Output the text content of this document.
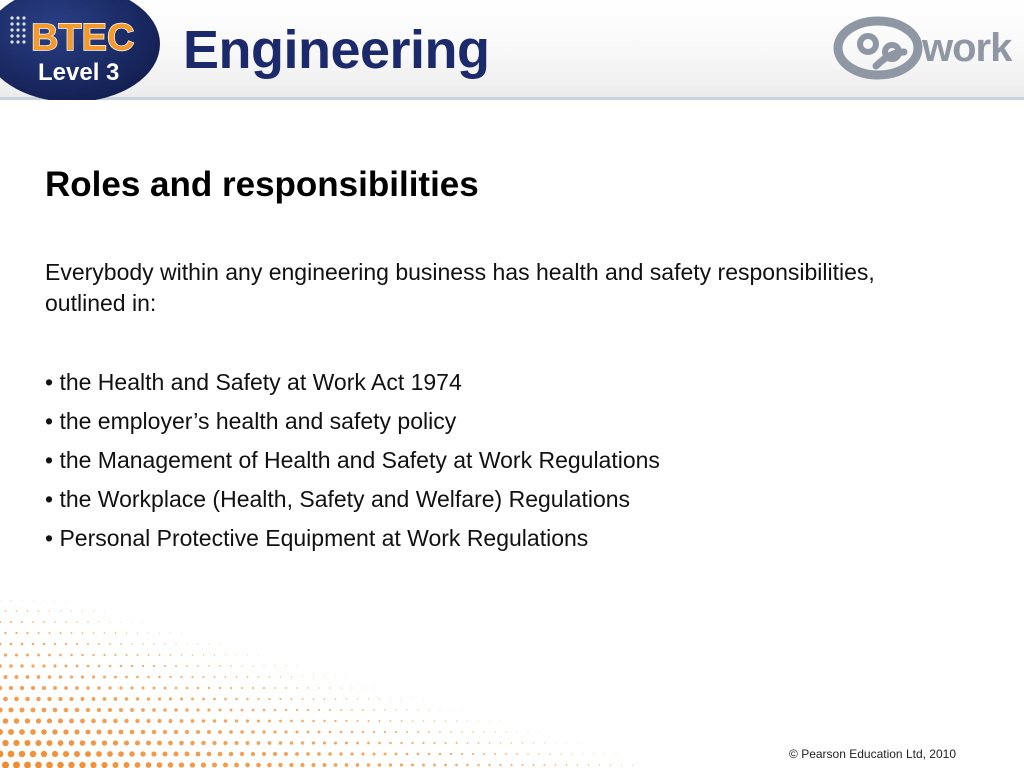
BTEC
Level 3 Engineering	work
Roles and responsibilities

Everybody within any engineering business has health and safety responsibilities, outlined in:

• the Health and Safety at Work Act 1974
• the employer’s health and safety policy
• the Management of Health and Safety at Work Regulations
• the Workplace (Health, Safety and Welfare) Regulations
• Personal Protective Equipment at Work Regulations
© Pearson Education Ltd, 2010
